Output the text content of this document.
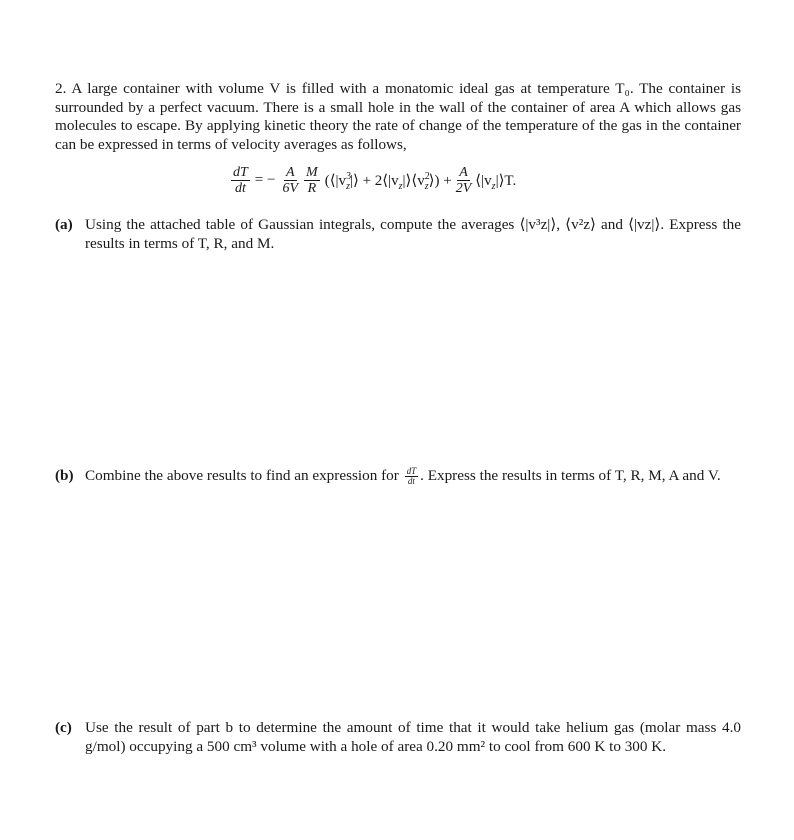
2. A large container with volume V is filled with a monatomic ideal gas at temperature T₀. The container is surrounded by a perfect vacuum. There is a small hole in the wall of the container of area A which allows gas molecules to escape. By applying kinetic theory the rate of change of the temperature of the gas in the container can be expressed in terms of velocity averages as follows,

$\frac{dT}{dt}$ = − $\frac{A}{6V} \frac{M}{R}$ ($⟨|v^3_z|⟩$ + $2⟨|v_z|⟩⟨v^2_z⟩) + \frac{A}{2V}$ $⟨|v_z|⟩T$.
(a) Using the attached table of Gaussian integrals, compute the averages ⟨|v³z|⟩, ⟨v²z⟩ and ⟨|vz|⟩. Express the results in terms of T, R, and M.
(b) Combine the above results to find an expression for $\frac{dT}{dt}$ . Express the results in terms of T, R, M, A and V.
(c) Use the result of part b to determine the amount of time that it would take helium gas (molar mass 4.0 g/mol) occupying a 500 cm³ volume with a hole of area 0.20 mm² to cool from 600 K to 300 K.
